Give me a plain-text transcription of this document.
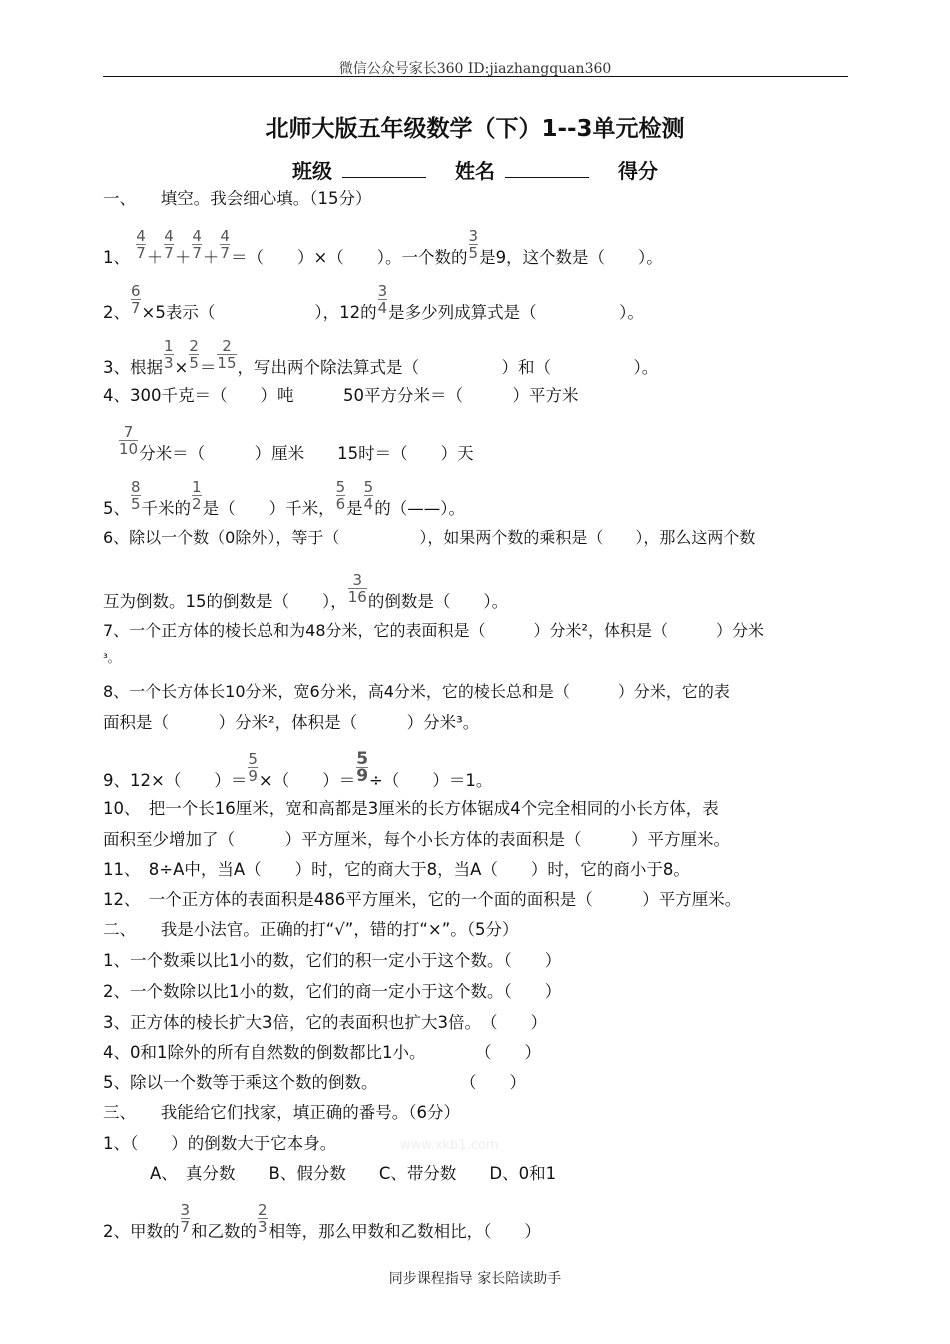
微信公众号家长360 ID:jiazhangquan360
北师大版五年级数学（下）1--3单元检测
班级	姓名	得分
一、　　填空。我会细心填。（15分）
1、 $\frac{4}{7} + \frac{4}{7} + \frac{4}{7} + \frac{4}{7}$ ＝（　　）×（　　）。一个数的 $\frac{3}{5}$ 是9，这个数是（　　）。
2、 $\frac{6}{7} \times 5$表示（　　　　　　），12的 $\frac{3}{4}$ 是多少列成算式是（　　　　　）。
3、根据 $\frac{1}{3} \times \frac{2}{5} = \frac{2}{15}$ ，写出两个除法算式是（　　　　　）和（　　　　　）。
4、300千克＝（　　）吨　　　50平方分米＝（　　　）平方米
$\frac{7}{10}$ 分米＝（　　　）厘米　　15时＝（　　）天
5、 $\frac{8}{5}$ 千米的 $\frac{1}{2}$ 是（　　）千米， $\frac{5}{6}$ 是 $\frac{5}{4}$ 的（——）。
6、除以一个数（0除外），等于（　　　　　），如果两个数的乘积是（　　），那么这两个数
互为倒数。15的倒数是（　　）， $\frac{3}{16}$ 的倒数是（　　）。
7、一个正方体的棱长总和为48分米，它的表面积是（　　　）分米²，体积是（　　　）分米
³。
8、一个长方体长10分米，宽6分米，高4分米，它的棱长总和是（　　　）分米，它的表
面积是（　　　）分米²，体积是（　　　）分米³。
9、12×（　　）＝ $\frac{5}{9}$ ×（　　）＝ $\frac{5}{9}$ ÷（　　）＝1。
10、　把一个长16厘米，宽和高都是3厘米的长方体锯成4个完全相同的小长方体，表
面积至少增加了（　　　）平方厘米，每个小长方体的表面积是（　　　）平方厘米。
11、　8÷A中，当A（　　）时，它的商大于8，当A（　　）时，它的商小于8。
12、　一个正方体的表面积是486平方厘米，它的一个面的面积是（　　　）平方厘米。
二、　　我是小法官。正确的打“√”，错的打“×”。（5分）
1、一个数乘以比1小的数，它们的积一定小于这个数。（　　）
2、一个数除以比1小的数，它们的商一定小于这个数。（　　）
3、正方体的棱长扩大3倍，它的表面积也扩大3倍。　（　　）
4、0和1除外的所有自然数的倒数都比1小。　　　　（　　）
5、除以一个数等于乘这个数的倒数。　　　　　　（　　）
三、　　我能给它们找家，填正确的番号。（6分）
1、（　　）的倒数大于它本身。	www.xkb1.com
A、　真分数　　B、假分数　　C、带分数　　D、0和1
2、甲数的 $\frac{3}{7}$ 和乙数的 $\frac{2}{3}$ 相等，那么甲数和乙数相比，（　　）
同步课程指导 家长陪读助手
